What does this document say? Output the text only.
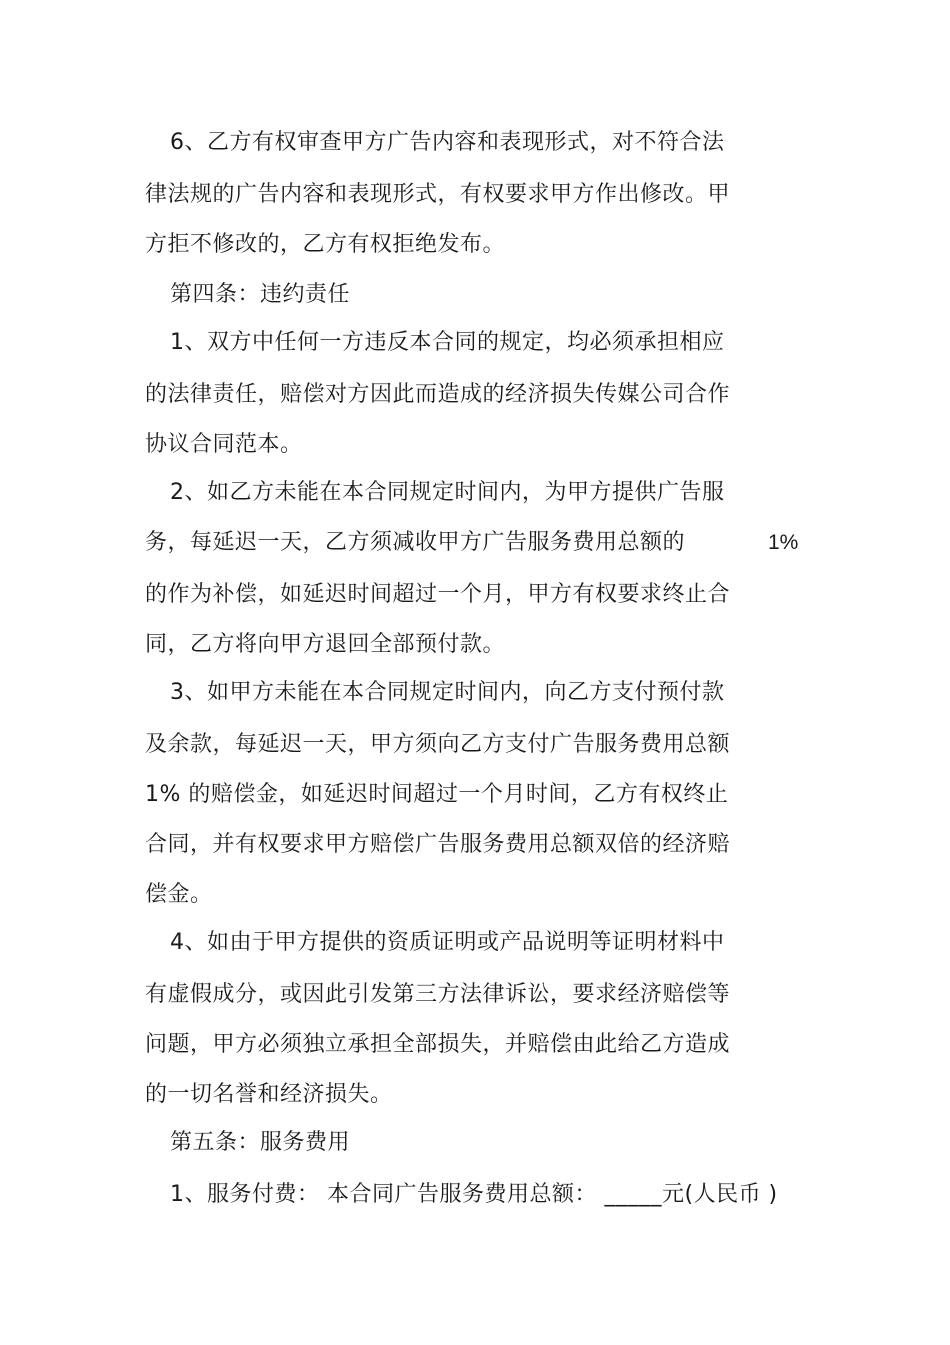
6、乙方有权审查甲方广告内容和表现形式，对不符合法
律法规的广告内容和表现形式，有权要求甲方作出修改。甲
方拒不修改的，乙方有权拒绝发布。
第四条：违约责任
1、双方中任何一方违反本合同的规定，均必须承担相应
的法律责任，赔偿对方因此而造成的经济损失传媒公司合作
协议合同范本。
2、如乙方未能在本合同规定时间内，为甲方提供广告服
务，每延迟一天，乙方须减收甲方广告服务费用总额的	1%
的作为补偿，如延迟时间超过一个月，甲方有权要求终止合
同，乙方将向甲方退回全部预付款。
3、如甲方未能在本合同规定时间内，向乙方支付预付款
及余款，每延迟一天，甲方须向乙方支付广告服务费用总额
1% 的赔偿金，如延迟时间超过一个月时间，乙方有权终止
合同，并有权要求甲方赔偿广告服务费用总额双倍的经济赔
偿金。
4、如由于甲方提供的资质证明或产品说明等证明材料中
有虚假成分，或因此引发第三方法律诉讼，要求经济赔偿等
问题，甲方必须独立承担全部损失，并赔偿由此给乙方造成
的一切名誉和经济损失。
第五条：服务费用
1、服务付费： 本合同广告服务费用总额： _____元(人民币 )
